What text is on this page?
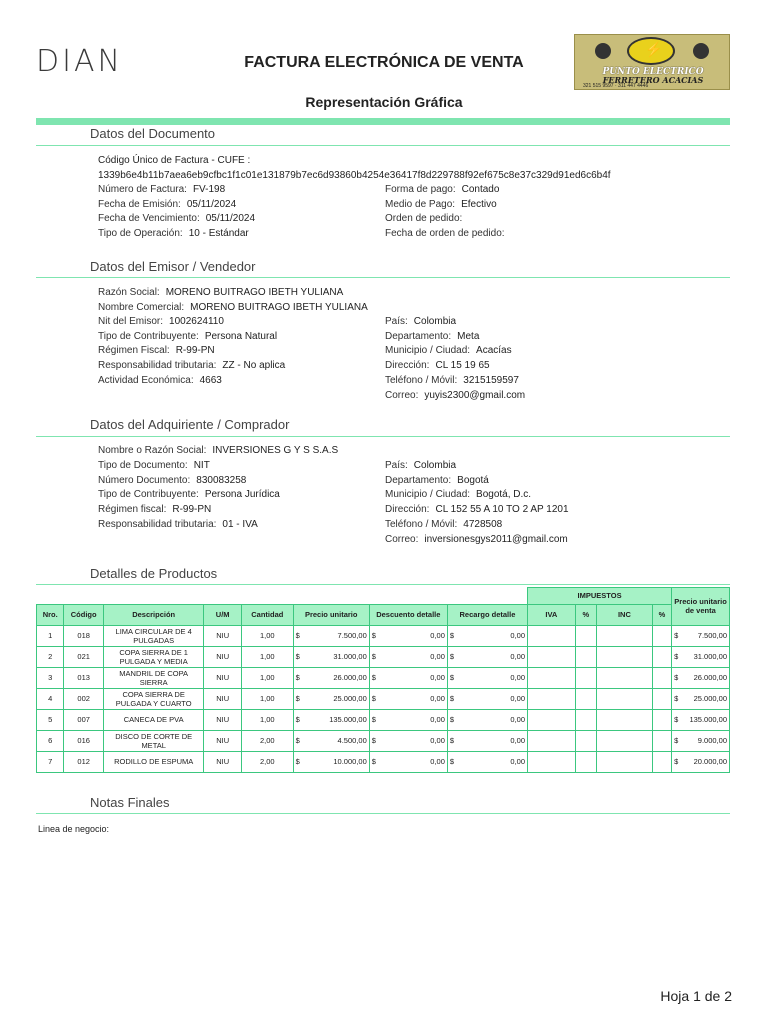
DIAN	FACTURA ELECTRÓNICA DE VENTA
Representación Gráfica
⚡
PUNTO ELECTRICO
FERRETERO ACACIAS
321 515 9597 · 311 447 4446
Datos del Documento
Código Único de Factura - CUFE :
1339b6e4b11b7aea6eb9cfbc1f1c01e131879b7ec6d93860b4254e36417f8d229788f92ef675c8e37c329d91ed6c6b4f
Datos del Emisor / Vendedor
Datos del Adquiriente / Comprador
Detalles de Productos
								IMPUESTOS				Precio unitario de venta
Nro.	Código	Descripción	U/M	Cantidad	Precio unitario	Descuento detalle	Recargo detalle	IVA	%	INC	%	
1	018	LIMA CIRCULAR DE 4 PULGADAS	NIU	1,00	$ 7.500,00	$ 0,00	$ 0,00					$ 7.500,00
2	021	COPA SIERRA DE 1 PULGADA Y MEDIA	NIU	1,00	$ 31.000,00	$ 0,00	$ 0,00					$ 31.000,00
3	013	MANDRIL DE COPA SIERRA	NIU	1,00	$ 26.000,00	$ 0,00	$ 0,00					$ 26.000,00
4	002	COPA SIERRA DE PULGADA Y CUARTO	NIU	1,00	$ 25.000,00	$ 0,00	$ 0,00					$ 25.000,00
5	007	CANECA DE PVA	NIU	1,00	$ 135.000,00	$ 0,00	$ 0,00					$ 135.000,00
6	016	DISCO DE CORTE DE METAL	NIU	2,00	$ 4.500,00	$ 0,00	$ 0,00					$ 9.000,00
7	012	RODILLO DE ESPUMA	NIU	2,00	$ 10.000,00	$ 0,00	$ 0,00					$ 20.000,00
Notas Finales
Linea de negocio:
Hoja 1 de 2
Número de Factura: FV-198
Fecha de Emisión: 05/11/2024
Fecha de Vencimiento: 05/11/2024
Tipo de Operación: 10 - Estándar
Forma de pago: Contado
Medio de Pago: Efectivo
Orden de pedido:
Fecha de orden de pedido:
Razón Social: MORENO BUITRAGO IBETH YULIANA
Nombre Comercial: MORENO BUITRAGO IBETH YULIANA
Nit del Emisor: 1002624110
Tipo de Contribuyente: Persona Natural
Régimen Fiscal: R-99-PN
Responsabilidad tributaria: ZZ - No aplica
Actividad Económica: 4663
País: Colombia
Departamento: Meta
Municipio / Ciudad: Acacías
Dirección: CL 15 19 65
Teléfono / Móvil: 3215159597
Correo: yuyis2300@gmail.com
Nombre o Razón Social: INVERSIONES G Y S S.A.S
Tipo de Documento: NIT
Número Documento: 830083258
Tipo de Contribuyente: Persona Jurídica
Régimen fiscal: R-99-PN
Responsabilidad tributaria: 01 - IVA
País: Colombia
Departamento: Bogotá
Municipio / Ciudad: Bogotá, D.c.
Dirección: CL 152 55 A 10 TO 2 AP 1201
Teléfono / Móvil: 4728508
Correo: inversionesgys2011@gmail.com
